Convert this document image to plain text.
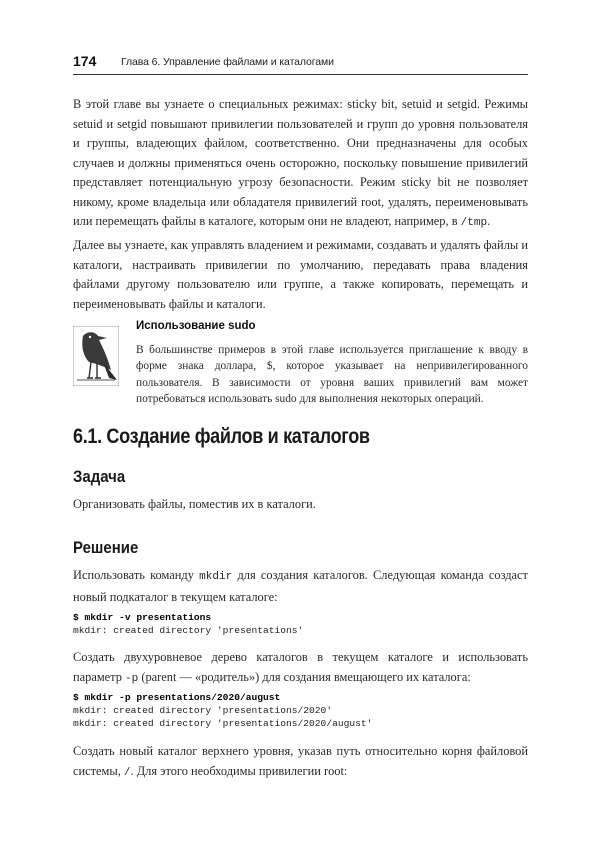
174 Глава 6. Управление файлами и каталогами

В этой главе вы узнаете о специальных режимах: sticky bit, setuid и setgid. Режимы setuid и setgid повышают привилегии пользователей и групп до уровня пользователя и группы, владеющих файлом, соответственно. Они предназначены для особых случаев и должны применяться очень осторожно, поскольку повышение привилегий представляет потенциальную угрозу безопасности. Режим sticky bit не позволяет никому, кроме владельца или обладателя привилегий root, удалять, переименовывать или перемещать файлы в каталоге, которым они не владеют, например, в /tmp.

Далее вы узнаете, как управлять владением и режимами, создавать и удалять файлы и каталоги, настраивать привилегии по умолчанию, передавать права владения файлами другому пользователю или группе, а также копировать, перемещать и переименовывать файлы и каталоги.

Использование sudo

В большинстве примеров в этой главе используется приглашение к вводу в форме знака доллара, $, которое указывает на непривилегированного пользователя. В зависимости от уровня ваших привилегий вам может потребоваться использовать sudo для выполнения некоторых операций.

6.1. Создание файлов и каталогов
Задача

Организовать файлы, поместив их в каталоги.

Решение

Использовать команду mkdir для создания каталогов. Следующая команда создаст новый подкаталог в текущем каталоге:

$ mkdir -v presentations
mkdir: created directory 'presentations'

Создать двухуровневое дерево каталогов в текущем каталоге и использовать параметр -p (parent — «родитель») для создания вмещающего их каталога:

$ mkdir -p presentations/2020/august
mkdir: created directory 'presentations/2020'
mkdir: created directory 'presentations/2020/august'

Создать новый каталог верхнего уровня, указав путь относительно корня файловой системы, /. Для этого необходимы привилегии root:
